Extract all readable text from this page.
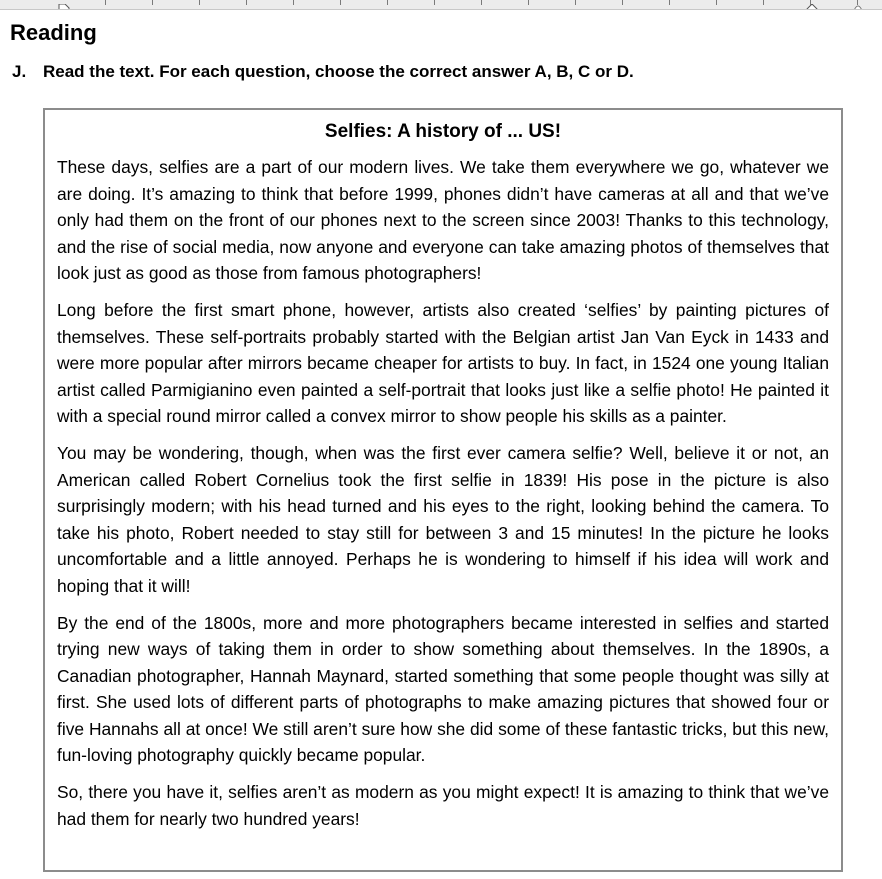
Reading

J. Read the text. For each question, choose the correct answer A, B, C or D.

Selfies: A history of ... US!

These days, selfies are a part of our modern lives. We take them everywhere we go, whatever we are doing. It’s amazing to think that before 1999, phones didn’t have cameras at all and that we’ve only had them on the front of our phones next to the screen since 2003! Thanks to this technology, and the rise of social media, now anyone and everyone can take amazing photos of themselves that look just as good as those from famous photographers!

Long before the first smart phone, however, artists also created ‘selfies’ by painting pictures of themselves. These self-portraits probably started with the Belgian artist Jan Van Eyck in 1433 and were more popular after mirrors became cheaper for artists to buy. In fact, in 1524 one young Italian artist called Parmigianino even painted a self-portrait that looks just like a selfie photo! He painted it with a special round mirror called a convex mirror to show people his skills as a painter.

You may be wondering, though, when was the first ever camera selfie? Well, believe it or not, an American called Robert Cornelius took the first selfie in 1839! His pose in the picture is also surprisingly modern; with his head turned and his eyes to the right, looking behind the camera. To take his photo, Robert needed to stay still for between 3 and 15 minutes! In the picture he looks uncomfortable and a little annoyed. Perhaps he is wondering to himself if his idea will work and hoping that it will!

By the end of the 1800s, more and more photographers became interested in selfies and started trying new ways of taking them in order to show something about themselves. In the 1890s, a Canadian photographer, Hannah Maynard, started something that some people thought was silly at first. She used lots of different parts of photographs to make amazing pictures that showed four or five Hannahs all at once! We still aren’t sure how she did some of these fantastic tricks, but this new, fun-loving photography quickly became popular.

So, there you have it, selfies aren’t as modern as you might expect! It is amazing to think that we’ve had them for nearly two hundred years!
